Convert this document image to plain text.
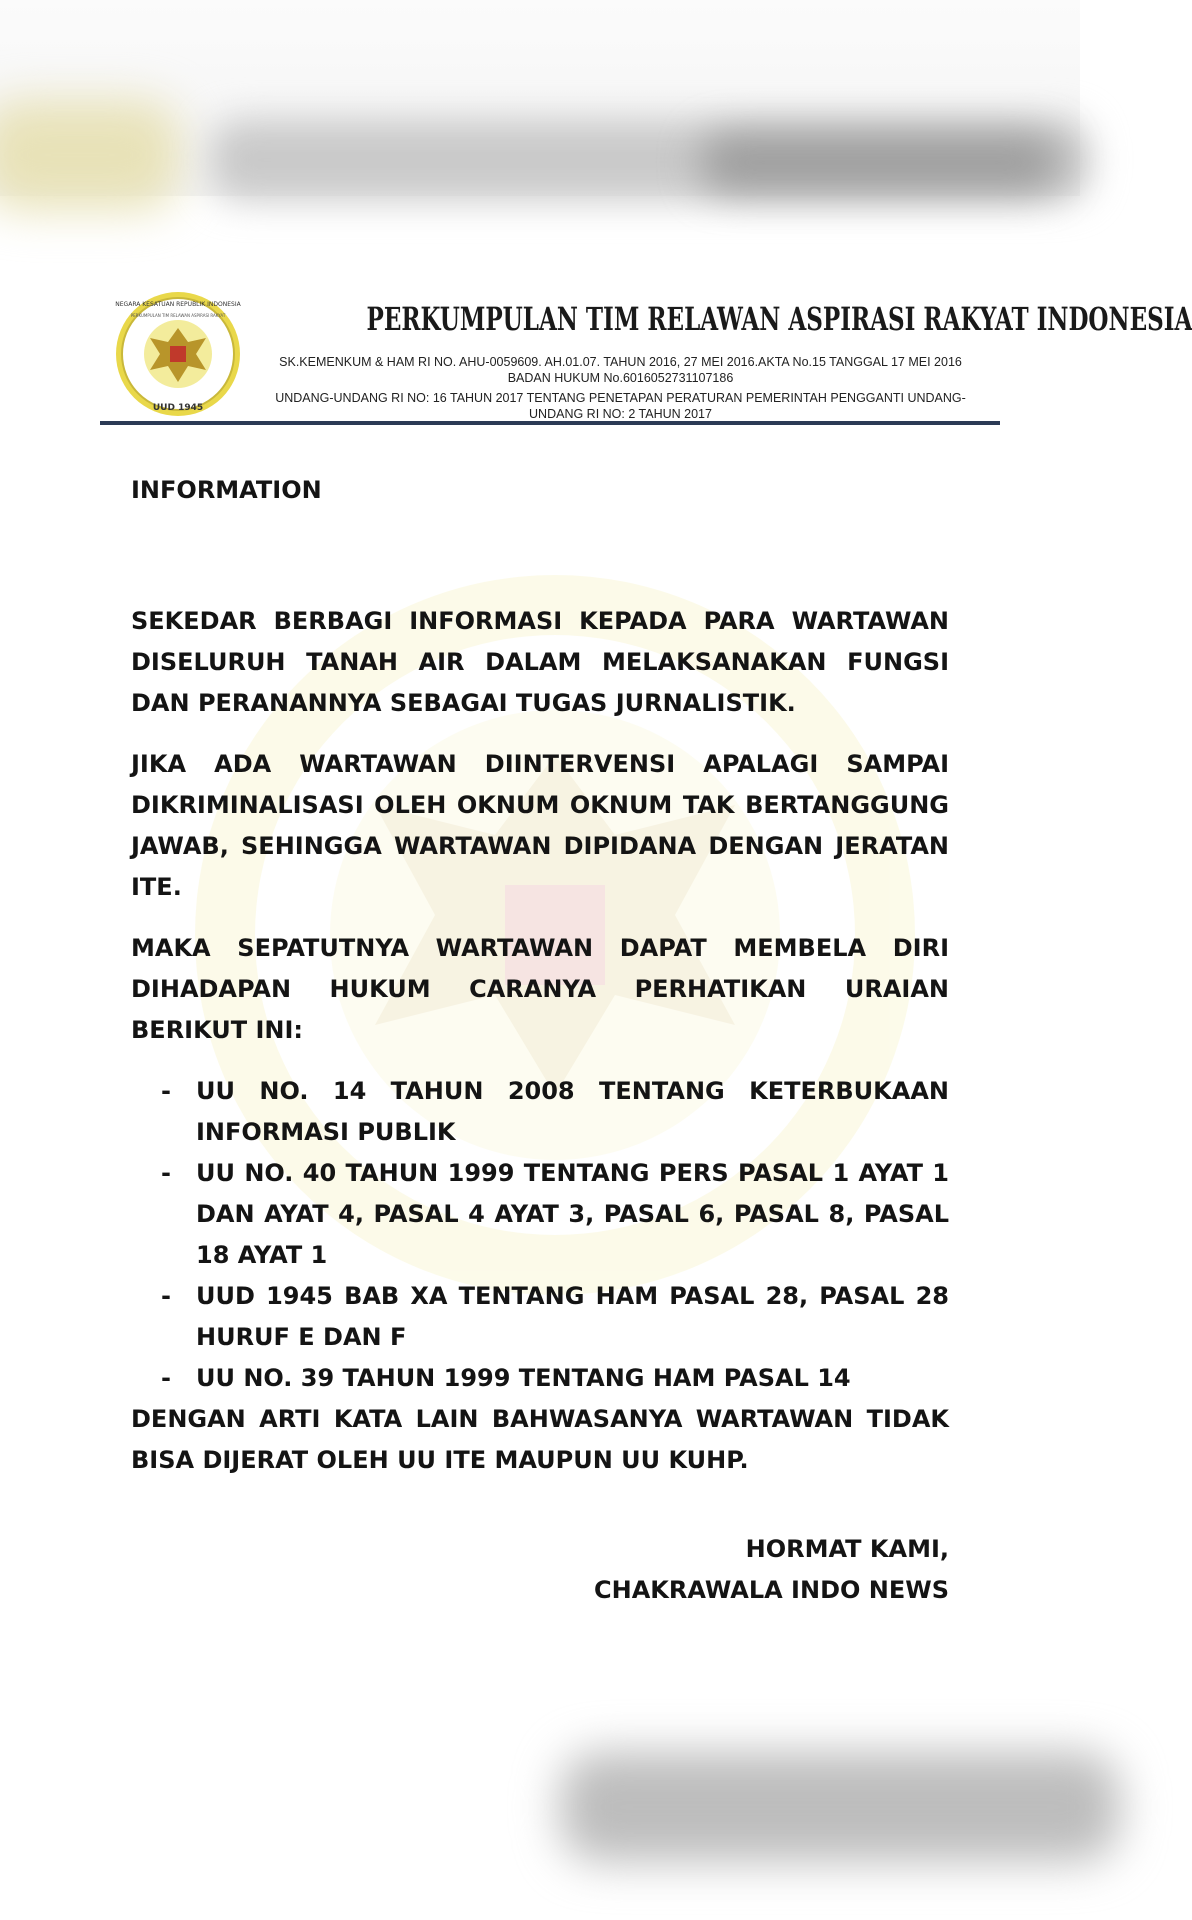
UUD 1945
NEGARA KESATUAN REPUBLIK INDONESIA
PERKUMPULAN TIM RELAWAN ASPIRASI RAKYAT	PERKUMPULAN TIM RELAWAN ASPIRASI RAKYAT INDONESIA
SK.KEMENKUM & HAM RI NO. AHU-0059609. AH.01.07. TAHUN 2016, 27 MEI 2016.AKTA No.15 TANGGAL 17 MEI 2016 BADAN HUKUM No.6016052731107186
UNDANG-UNDANG RI NO: 16 TAHUN 2017 TENTANG PENETAPAN PERATURAN PEMERINTAH PENGGANTI UNDANG-UNDANG RI NO: 2 TAHUN 2017
INFORMATION

SEKEDAR BERBAGI INFORMASI KEPADA PARA WARTAWAN DISELURUH TANAH AIR DALAM MELAKSANAKAN FUNGSI DAN PERANANNYA SEBAGAI TUGAS JURNALISTIK.

JIKA ADA WARTAWAN DIINTERVENSI APALAGI SAMPAI DIKRIMINALISASI OLEH OKNUM OKNUM TAK BERTANGGUNG JAWAB, SEHINGGA WARTAWAN DIPIDANA DENGAN JERATAN ITE.

MAKA SEPATUTNYA WARTAWAN DAPAT MEMBELA DIRI DIHADAPAN HUKUM CARANYA PERHATIKAN URAIAN BERIKUT INI:

- UU NO. 14 TAHUN 2008 TENTANG KETERBUKAAN INFORMASI PUBLIK
- UU NO. 40 TAHUN 1999 TENTANG PERS PASAL 1 AYAT 1 DAN AYAT 4, PASAL 4 AYAT 3, PASAL 6, PASAL 8, PASAL 18 AYAT 1
- UUD 1945 BAB XA TENTANG HAM PASAL 28, PASAL 28 HURUF E DAN F
- UU NO. 39 TAHUN 1999 TENTANG HAM PASAL 14

DENGAN ARTI KATA LAIN BAHWASANYA WARTAWAN TIDAK BISA DIJERAT OLEH UU ITE MAUPUN UU KUHP.

HORMAT KAMI,
CHAKRAWALA INDO NEWS
